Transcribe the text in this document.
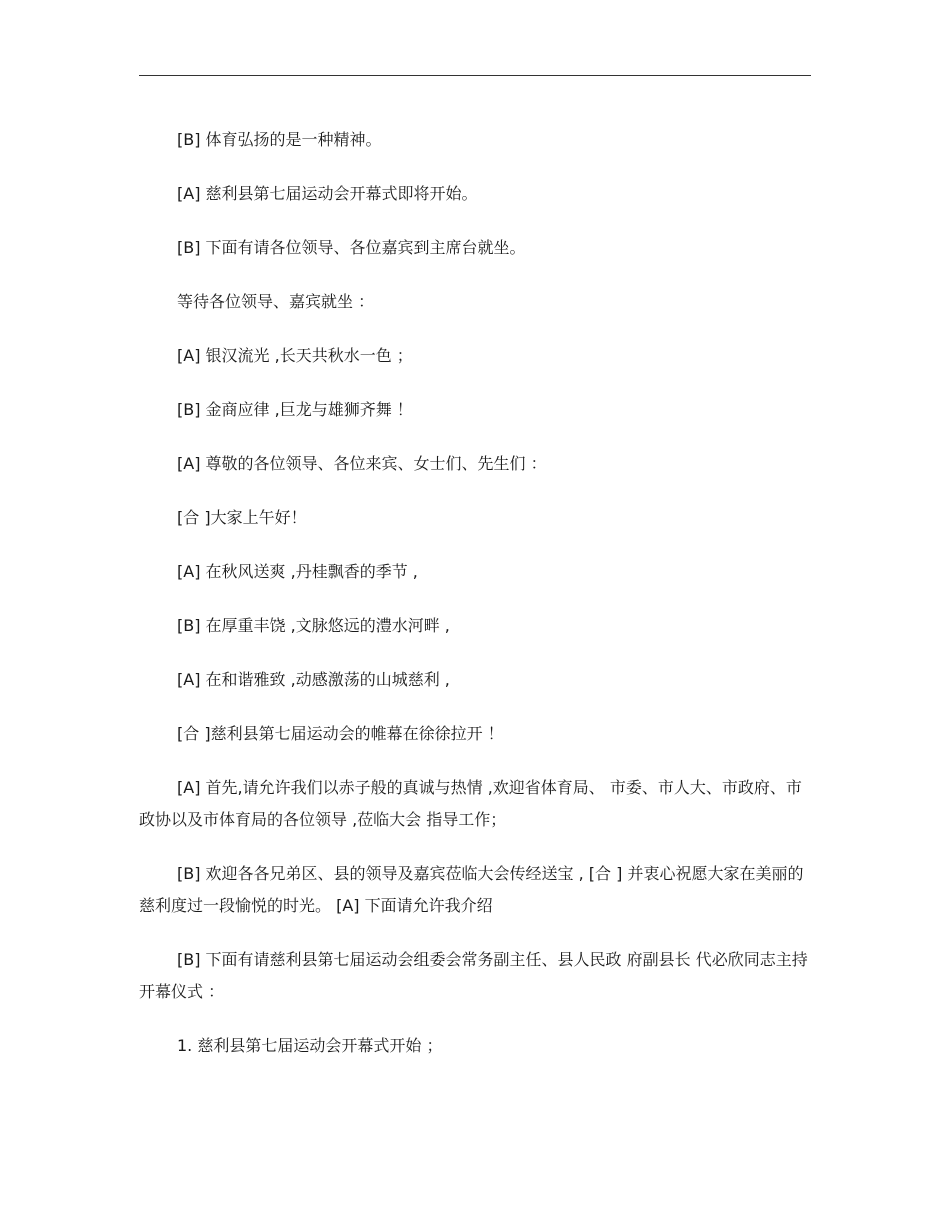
[B] 体育弘扬的是一种精神。

[A] 慈利县第七届运动会开幕式即将开始。

[B] 下面有请各位领导、各位嘉宾到主席台就坐。

等待各位领导、嘉宾就坐 ：

[A] 银汉流光 ,长天共秋水一色 ；

[B] 金商应律 ,巨龙与雄狮齐舞 ！

[A] 尊敬的各位领导、各位来宾、女士们、先生们 ：

[合 ]大家上午好！

[A] 在秋风送爽 ,丹桂飘香的季节 ,

[B] 在厚重丰饶 ,文脉悠远的澧水河畔 ,

[A] 在和谐雅致 ,动感激荡的山城慈利 ,

[合 ]慈利县第七届运动会的帷幕在徐徐拉开 ！

[A] 首先,请允许我们以赤子般的真诚与热情 ,欢迎省体育局、 市委、市人大、市政府、市政协以及市体育局的各位领导 ,莅临大会 指导工作；

[B] 欢迎各各兄弟区、县的领导及嘉宾莅临大会传经送宝 , [合 ] 并衷心祝愿大家在美丽的慈利度过一段愉悦的时光。 [A] 下面请允许我介绍

[B] 下面有请慈利县第七届运动会组委会常务副主任、县人民政 府副县长 代必欣同志主持开幕仪式 ：

1. 慈利县第七届运动会开幕式开始 ；
